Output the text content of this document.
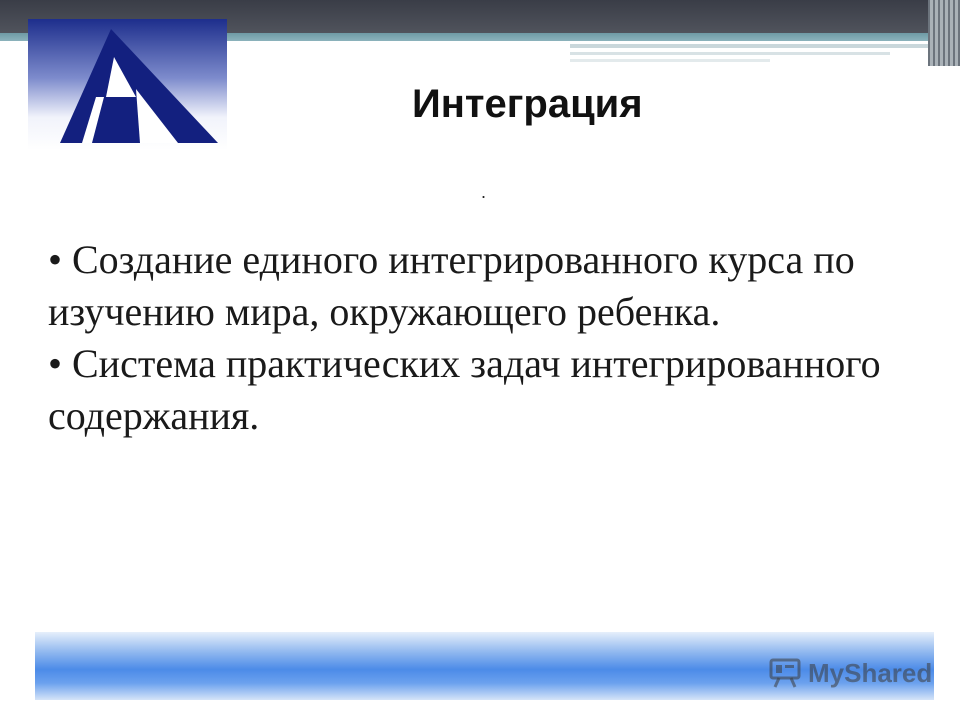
Интеграция
.

• Создание единого интегрированного курса по изучению мира, окружающего ребенка.

• Система практических задач интегрированного содержания.

MyShared
